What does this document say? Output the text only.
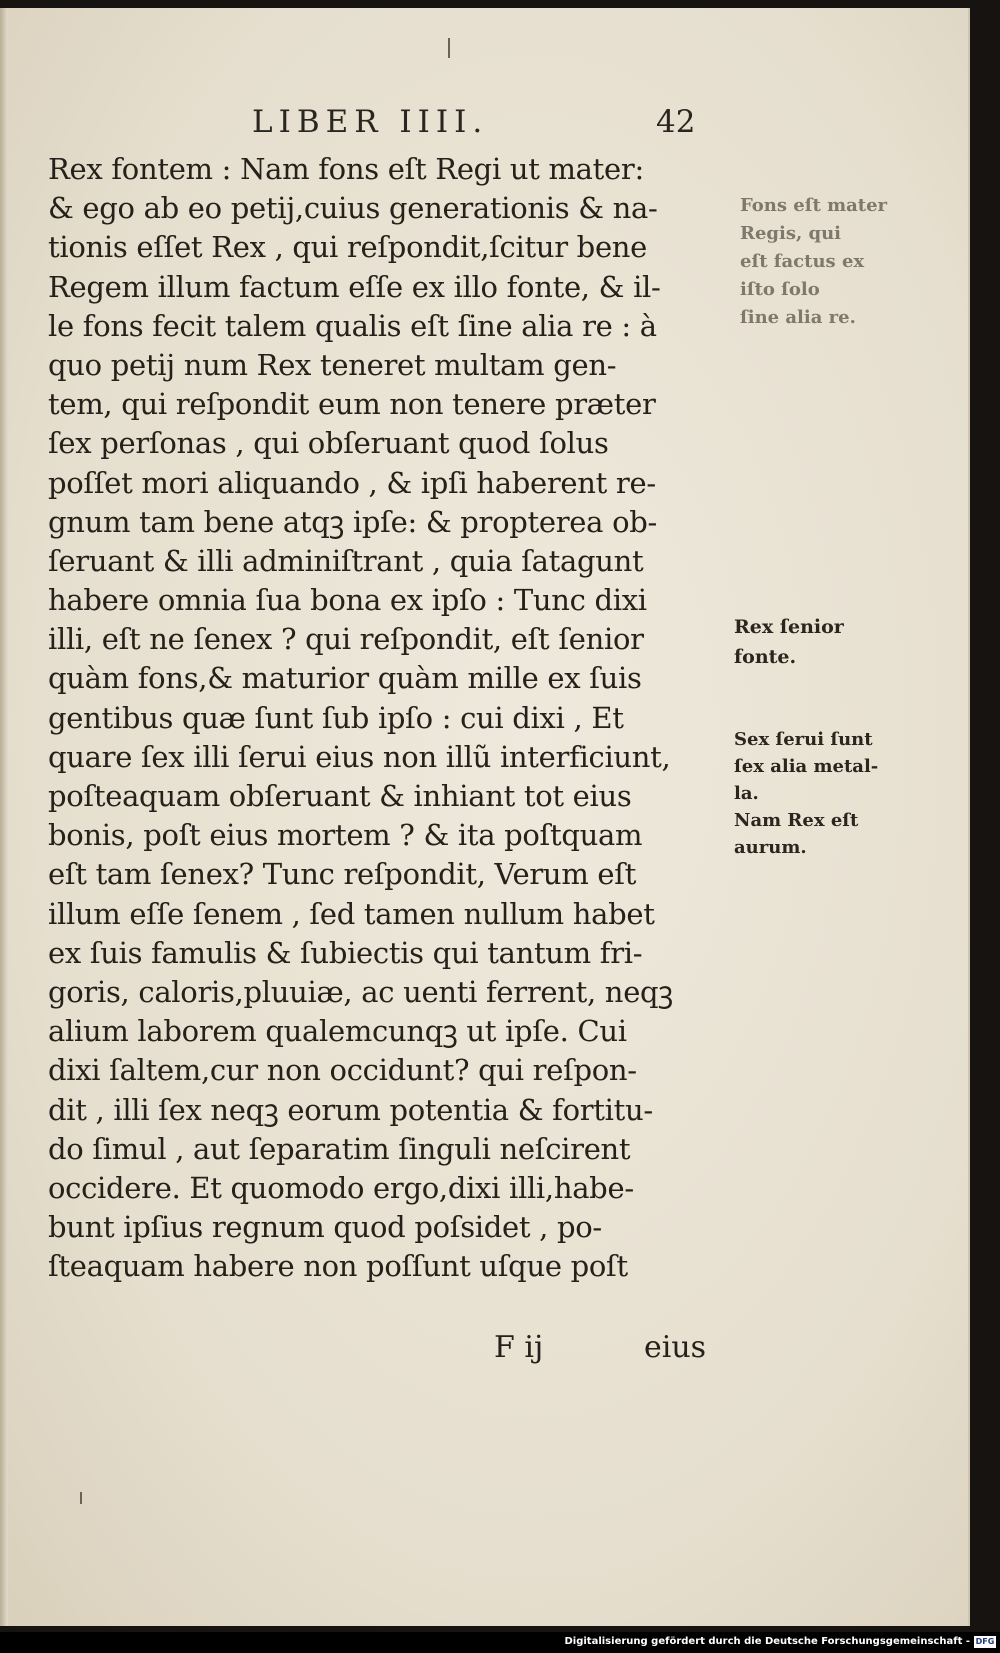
LIBER IIII.	42
Rex fontem : Nam fons eſt Regi ut mater:
& ego ab eo petij,cuius generationis & na-
tionis eſſet Rex , qui reſpondit,ſcitur bene
Regem illum factum eſſe ex illo fonte, & il-
le fons fecit talem qualis eſt ſine alia re : à
quo petij num Rex teneret multam gen-
tem, qui reſpondit eum non tenere præter
ſex perſonas , qui obſeruant quod ſolus
poſſet mori aliquando , & ipſi haberent re-
gnum tam bene atqꝫ ipſe: & propterea ob-
ſeruant & illi adminiſtrant , quia ſatagunt
habere omnia ſua bona ex ipſo : Tunc dixi
illi, eſt ne ſenex ? qui reſpondit, eſt ſenior
quàm fons,& maturior quàm mille ex ſuis
gentibus quæ ſunt ſub ipſo : cui dixi , Et
quare ſex illi ſerui eius non illũ interficiunt,
poſteaquam obſeruant & inhiant tot eius
bonis, poſt eius mortem ? & ita poſtquam
eſt tam ſenex? Tunc reſpondit, Verum eſt
illum eſſe ſenem , ſed tamen nullum habet
ex ſuis famulis & ſubiectis qui tantum fri-
goris, caloris,pluuiæ, ac uenti ferrent, neqꝫ
alium laborem qualemcunqꝫ ut ipſe. Cui
dixi ſaltem,cur non occidunt? qui reſpon-
dit , illi ſex neqꝫ eorum potentia & fortitu-
do ſimul , aut ſeparatim ſinguli neſcirent
occidere. Et quomodo ergo,dixi illi,habe-
bunt ipſius regnum quod poſsidet , po-
ſteaquam habere non poſſunt uſque poſt
F ij	eius
Fons eſt mater
Regis, qui
eſt factus ex
iſto ſolo
ſine alia re.
Rex ſenior
fonte.
Sex ſerui ſunt
ſex alia metal-
la.
Nam Rex eſt
aurum.
Digitalisierung gefördert durch die Deutsche Forschungsgemeinschaft - DFG
